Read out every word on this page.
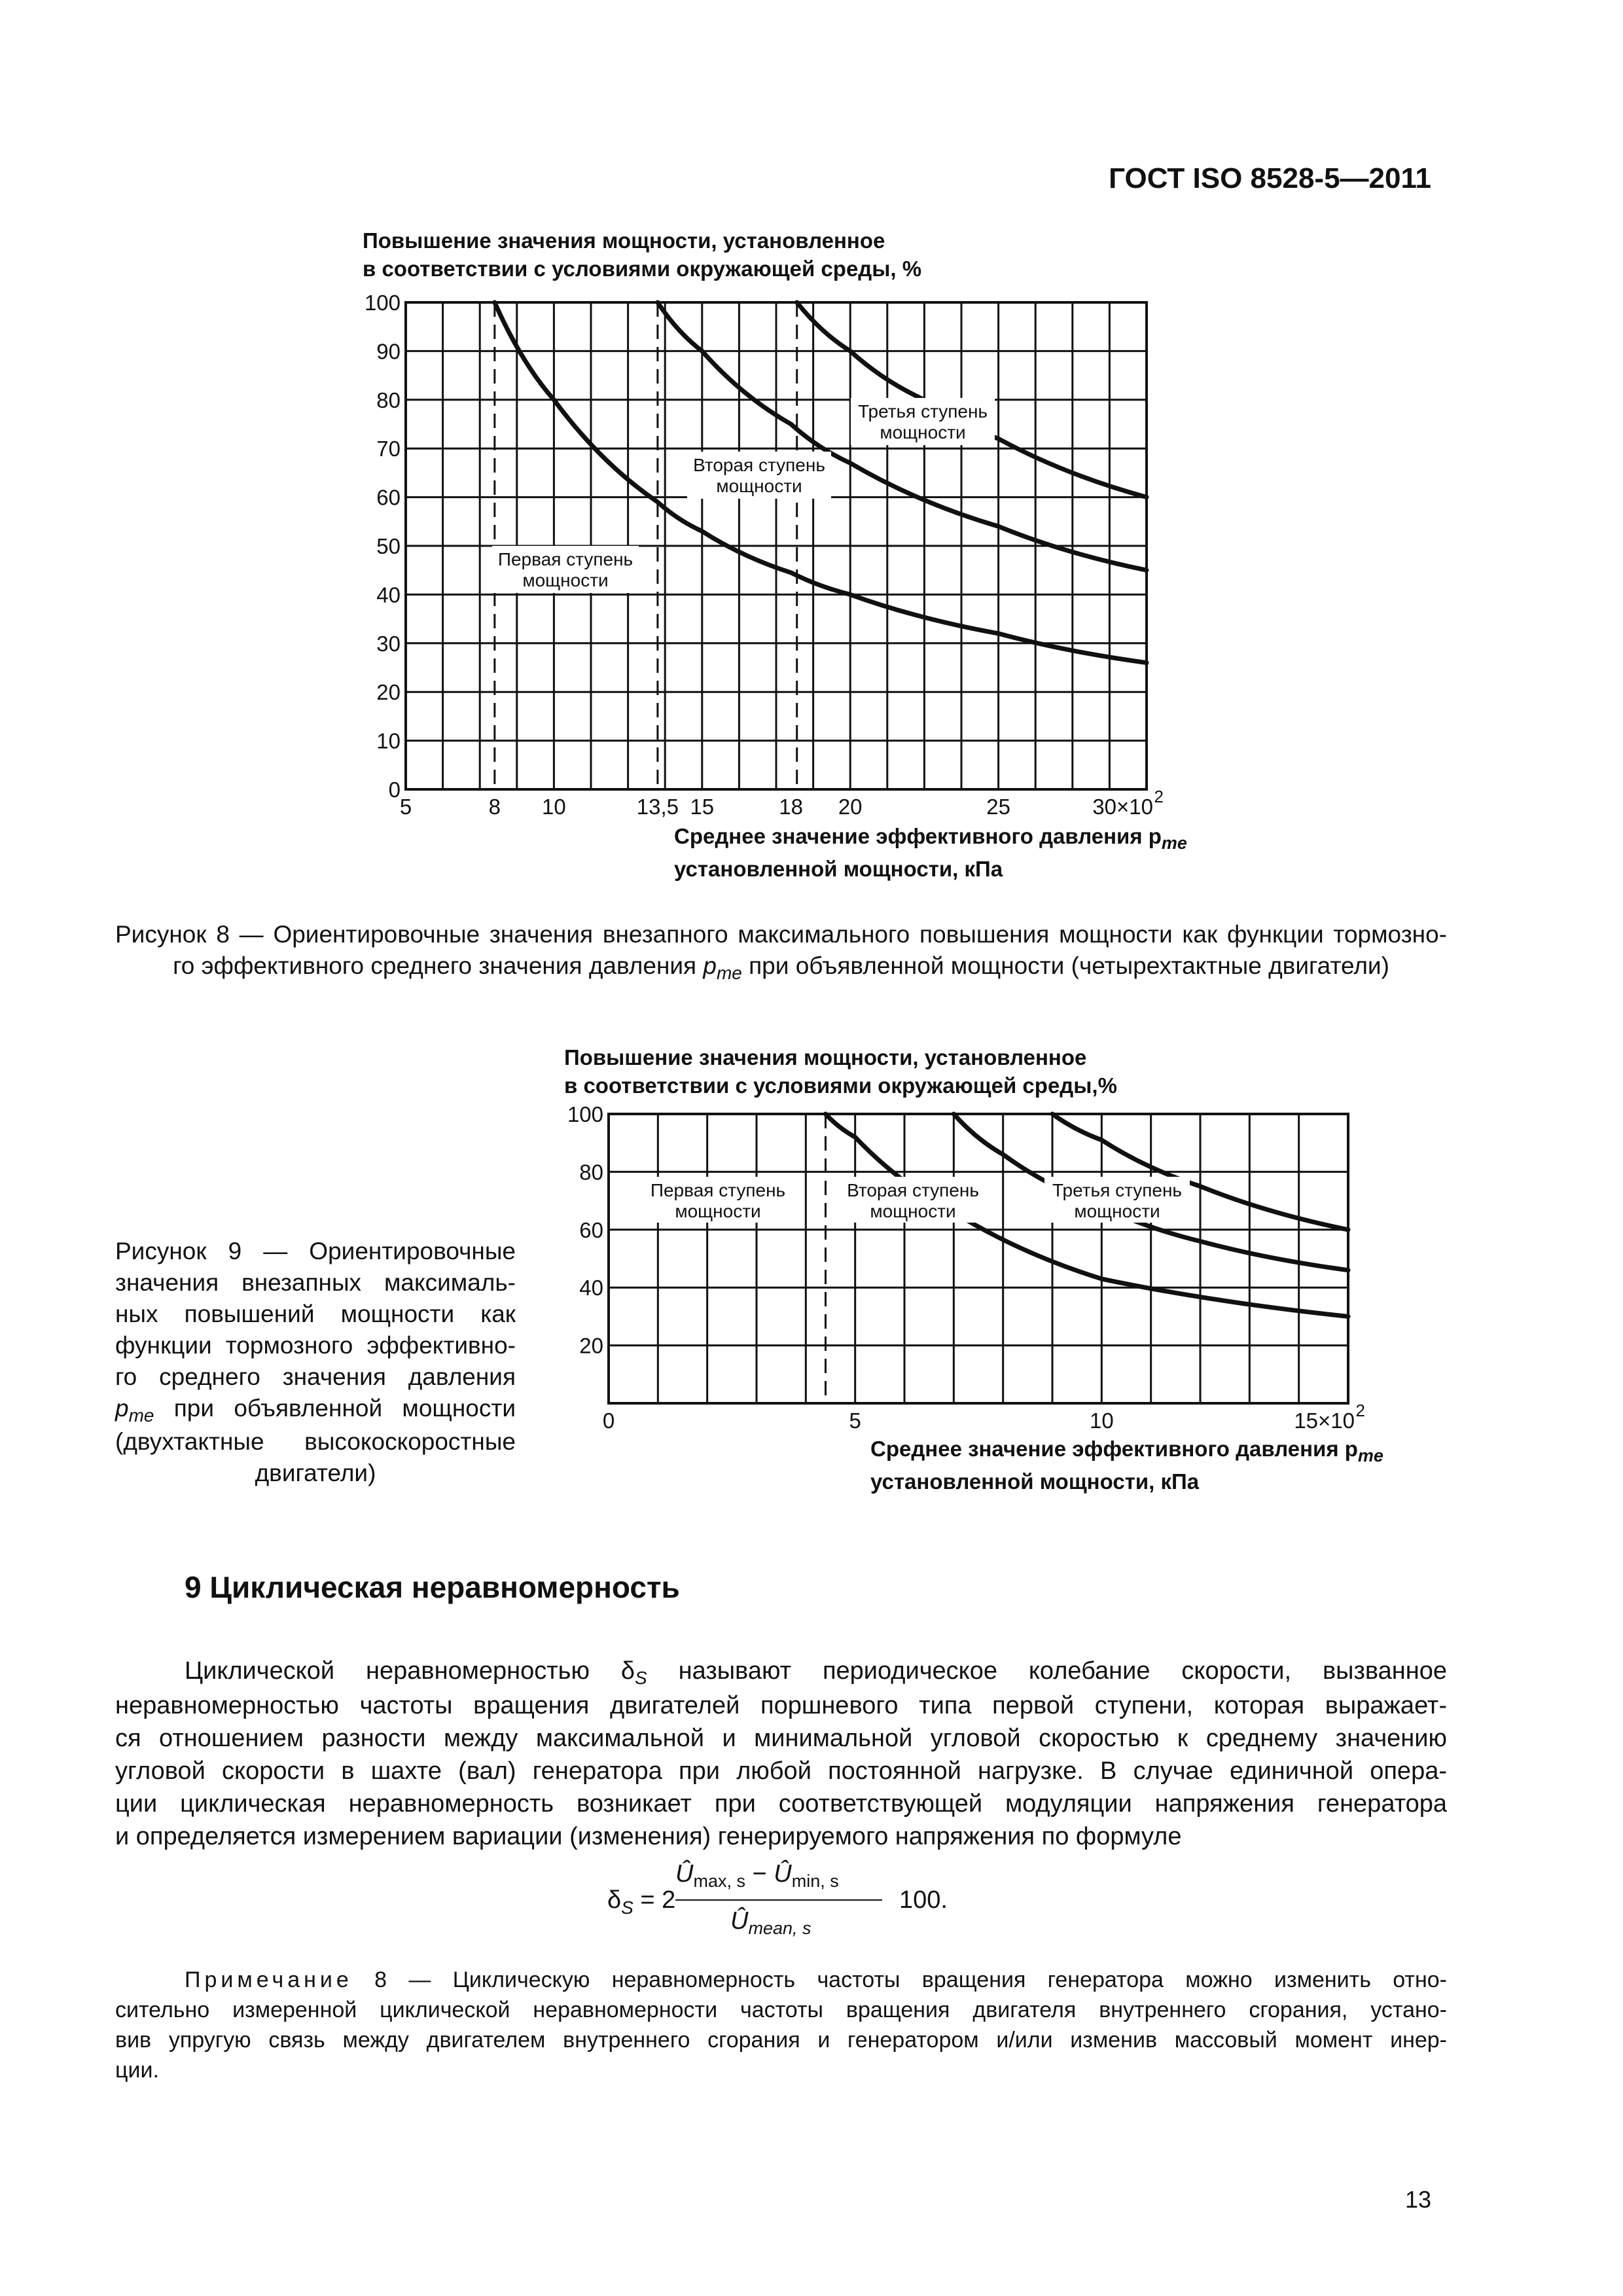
ГОСТ ISO 8528-5—2011
Повышение значения мощности, установленное
в соответствии с условиями окружающей среды, %
Первая ступень
мощности
Вторая ступень
мощности
Третья ступень
мощности
0
10
20
30
40
50
60
70
80
90
100
5	8 10	13,5 15	18 20	25	30×10 2
Среднее значение эффективного давления $p_{me}$
установленной мощности, кПа
Рисунок 8 — Ориентировочные значения внезапного максимального повышения мощности как функции тормозно-
го эффективного среднего значения давления $p_{me}$ при объявленной мощности (четырехтактные двигатели)
Повышение значения мощности, установленное
в соответствии с условиями окружающей среды,%
Первая ступень
мощности
Вторая ступень
мощности
Третья ступень
мощности
20
40
60
80
100
0	5	10	15×10 2
Среднее значение эффективного давления $p_{me}$
установленной мощности, кПа
Рисунок 9 — Ориентировочные
значения внезапных максималь-
ных повышений мощности как
функции тормозного эффективно-
го среднего значения давления
$p_{me}$ при объявленной мощности
(двухтактные высокоскоростные
двигатели)
9 Циклическая неравномерность
Циклической неравномерностью $\delta_S$ называют периодическое колебание скорости, вызванное
неравномерностью частоты вращения двигателей поршневого типа первой ступени, которая выражает-
ся отношением разности между максимальной и минимальной угловой скоростью к среднему значению
угловой скорости в шахте (вал) генератора при любой постоянной нагрузке. В случае единичной опера-
ции циклическая неравномерность возникает при соответствующей модуляции напряжения генератора
и определяется измерением вариации (изменения) генерируемого напряжения по формуле
$\delta_S = 2$
$Û_{max, s}$ − $Û_{min, s}$
$Û_{mean, s}$
100.
Примечание 8 — Циклическую неравномерность частоты вращения генератора можно изменить отно-
сительно измеренной циклической неравномерности частоты вращения двигателя внутреннего сгорания, устано-
вив упругую связь между двигателем внутреннего сгорания и генератором и/или изменив массовый момент инер-
ции.
13
